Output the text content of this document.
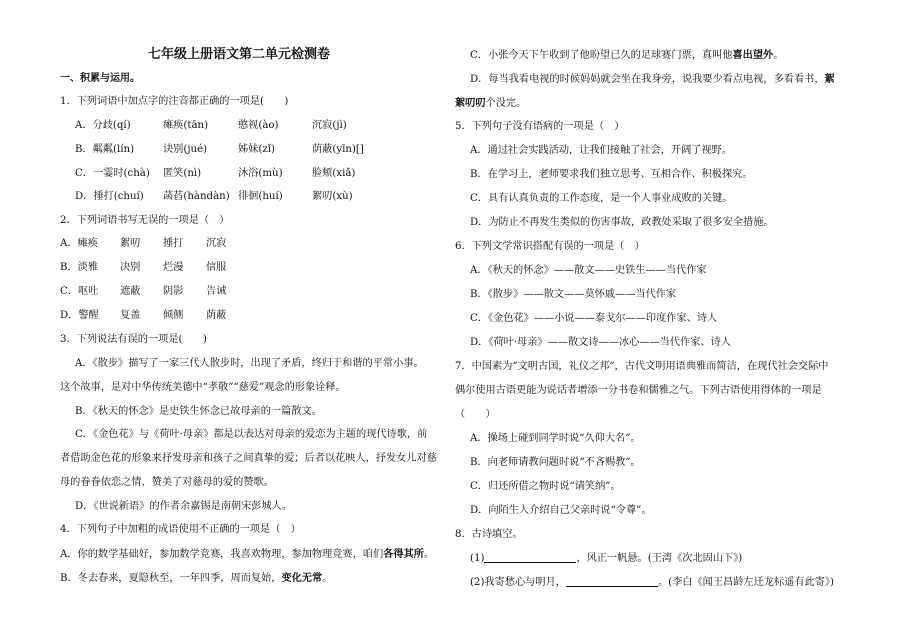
七年级上册语文第二单元检测卷
一、积累与运用。
1．下列词语中加点字的注音都正确的一项是(　　)
A．分歧(qí)	瘫痪(tān)	憨视(ào)	沉寂(jì)
B．粼粼(lín)	诀别(jué)	姊妹(zǐ)	荫蔽(yīn)[]
C．一霎时(chà) 匿笑(nì)	沐浴(mù)	脸颊(xiǎ)
D．捶打(chuí) 菡萏(hàndàn) 徘徊(huí)	絮叨(xù)
2．下列词语书写无误的一项是（　）
A．瘫痪 絮叨 捶打 沉寂
B．淡雅 决别 烂漫 信服
C．呕吐 遮蔽 阴影 告诫
D．警醒 复盖 倾侧 荫蔽
3．下列说法有误的一项是(　　)
A．《散步》描写了一家三代人散步时，出现了矛盾，终归于和谐的平常小事。
这个故事，是对中华传统美德中“孝敬”“慈爱”观念的形象诠释。
B．《秋天的怀念》是史铁生怀念已故母亲的一篇散文。
C．《金色花》与《荷叶·母亲》都是以表达对母亲的爱恋为主题的现代诗歌，前
者借助金色花的形象来抒发母亲和孩子之间真挚的爱；后者以花映人，抒发女儿对慈
母的眷眷依恋之情，赞美了对慈母的爱的赞歌。
D．《世说新语》的作者余嘉锡是南朝宋彭城人。
4．下列句子中加粗的成语使用不正确的一项是（　）
A．你的数学基础好，参加数学竞赛，我喜欢物理，参加物理竞赛，咱们各得其所。
B．冬去春来，夏隐秋至，一年四季，周而复始，变化无常。
C．小张今天下午收到了他盼望已久的足球赛门票，真叫他喜出望外。
D．每当我看电视的时候妈妈就会坐在我身旁，说我要少看点电视，多看看书，絮
絮叨叨个没完。
5．下列句子没有语病的一项是（　）
A．通过社会实践活动，让我们接触了社会，开阔了视野。
B．在学习上，老师要求我们独立思考、互相合作、积极探究。
C．具有认真负责的工作态度，是一个人事业成败的关键。
D．为防止不再发生类似的伤害事故，政教处采取了很多安全措施。
6．下列文学常识搭配有误的一项是（　）
A．《秋天的怀念》——散文——史铁生——当代作家
B．《散步》——散文——莫怀戚——当代作家
C．《金色花》——小说——泰戈尔——印度作家、诗人
D．《荷叶·母亲》——散文诗——冰心——当代作家、诗人
7．中国素为“文明古国，礼仪之邦”，古代文明用语典雅而简洁，在现代社会交际中
偶尔使用古语更能为说话者增添一分书卷和儒雅之气。下列古语使用得体的一项是
（　　）
A．操场上碰到同学时说“久仰大名”。
B．向老师请教问题时说“不吝赐教”。
C．归还所借之物时说“请笑纳”。
D．向陌生人介绍自己父亲时说“令尊”。
8．古诗填空。
(1)	，风正一帆悬。(王湾《次北固山下》)
(2)我寄愁心与明月，	。(李白《闻王昌龄左迁龙标遥有此寄》)
